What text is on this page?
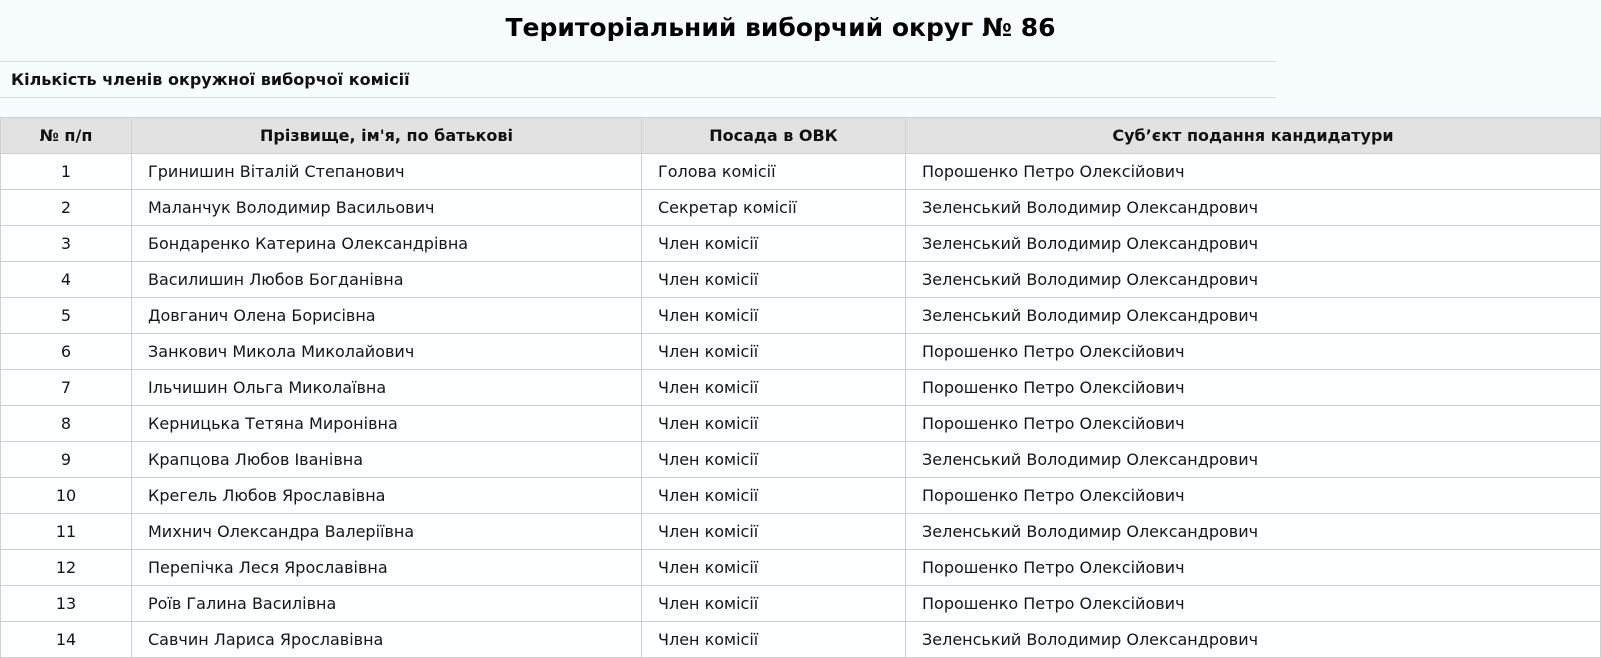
Територіальний виборчий округ № 86
Кількість членів окружної виборчої комісії
№ п/п	Прізвище, ім'я, по батькові	Посада в ОВК	Суб’єкт подання кандидатури
1	Гринишин Віталій Степанович	Голова комісії	Порошенко Петро Олексійович
2	Маланчук Володимир Васильович	Секретар комісії	Зеленський Володимир Олександрович
3	Бондаренко Катерина Олександрівна	Член комісії	Зеленський Володимир Олександрович
4	Василишин Любов Богданівна	Член комісії	Зеленський Володимир Олександрович
5	Довганич Олена Борисівна	Член комісії	Зеленський Володимир Олександрович
6	Занкович Микола Миколайович	Член комісії	Порошенко Петро Олексійович
7	Ільчишин Ольга Миколаївна	Член комісії	Порошенко Петро Олексійович
8	Керницька Тетяна Миронівна	Член комісії	Порошенко Петро Олексійович
9	Крапцова Любов Іванівна	Член комісії	Зеленський Володимир Олександрович
10	Крегель Любов Ярославівна	Член комісії	Порошенко Петро Олексійович
11	Михнич Олександра Валеріївна	Член комісії	Зеленський Володимир Олександрович
12	Перепічка Леся Ярославівна	Член комісії	Порошенко Петро Олексійович
13	Роїв Галина Василівна	Член комісії	Порошенко Петро Олексійович
14	Савчин Лариса Ярославівна	Член комісії	Зеленський Володимир Олександрович
